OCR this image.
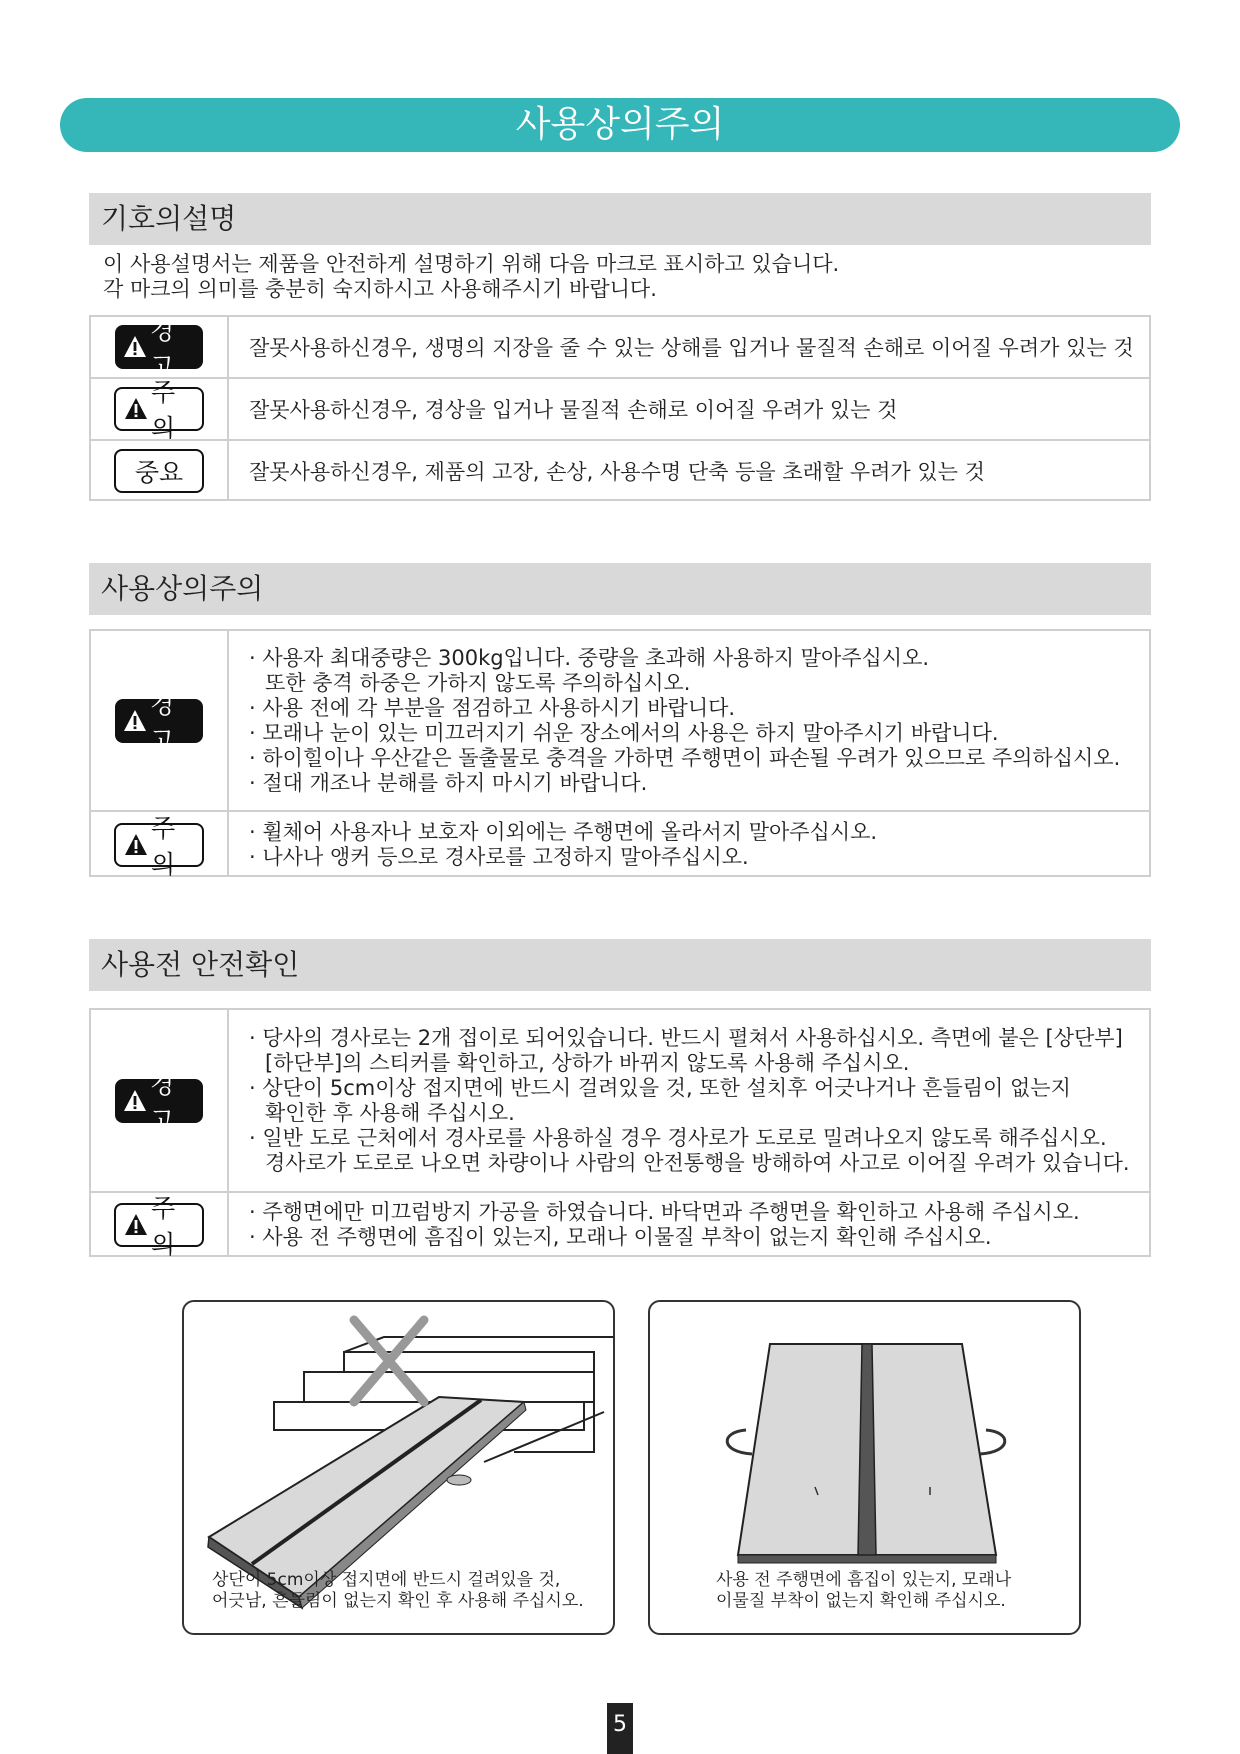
사용상의주의
기호의설명
이 사용설명서는 제품을 안전하게 설명하기 위해 다음 마크로 표시하고 있습니다.
각 마크의 의미를 충분히 숙지하시고 사용해주시기 바랍니다.
경고
잘못사용하신경우, 생명의 지장을 줄 수 있는 상해를 입거나 물질적 손해로 이어질 우려가 있는 것
주의
잘못사용하신경우, 경상을 입거나 물질적 손해로 이어질 우려가 있는 것
중요	잘못사용하신경우, 제품의 고장, 손상, 사용수명 단축 등을 초래할 우려가 있는 것
사용상의주의
경고
· 사용자 최대중량은 300kg입니다. 중량을 초과해 사용하지 말아주십시오.
또한 충격 하중은 가하지 않도록 주의하십시오.
· 사용 전에 각 부분을 점검하고 사용하시기 바랍니다.
· 모래나 눈이 있는 미끄러지기 쉬운 장소에서의 사용은 하지 말아주시기 바랍니다.
· 하이힐이나 우산같은 돌출물로 충격을 가하면 주행면이 파손될 우려가 있으므로 주의하십시오.
· 절대 개조나 분해를 하지 마시기 바랍니다.
주의
· 휠체어 사용자나 보호자 이외에는 주행면에 올라서지 말아주십시오.
· 나사나 앵커 등으로 경사로를 고정하지 말아주십시오.
사용전 안전확인
경고
· 당사의 경사로는 2개 접이로 되어있습니다. 반드시 펼쳐서 사용하십시오. 측면에 붙은 [상단부]
[하단부]의 스티커를 확인하고, 상하가 바뀌지 않도록 사용해 주십시오.
· 상단이 5cm이상 접지면에 반드시 걸려있을 것, 또한 설치후 어긋나거나 흔들림이 없는지
확인한 후 사용해 주십시오.
· 일반 도로 근처에서 경사로를 사용하실 경우 경사로가 도로로 밀려나오지 않도록 해주십시오.
경사로가 도로로 나오면 차량이나 사람의 안전통행을 방해하여 사고로 이어질 우려가 있습니다.
주의
· 주행면에만 미끄럼방지 가공을 하였습니다. 바닥면과 주행면을 확인하고 사용해 주십시오.
· 사용 전 주행면에 흠집이 있는지, 모래나 이물질 부착이 없는지 확인해 주십시오.
상단이 5cm이상 접지면에 반드시 걸려있을 것,
어긋남, 흔들림이 없는지 확인 후 사용해 주십시오.
사용 전 주행면에 흠집이 있는지, 모래나
이물질 부착이 없는지 확인해 주십시오.
5
